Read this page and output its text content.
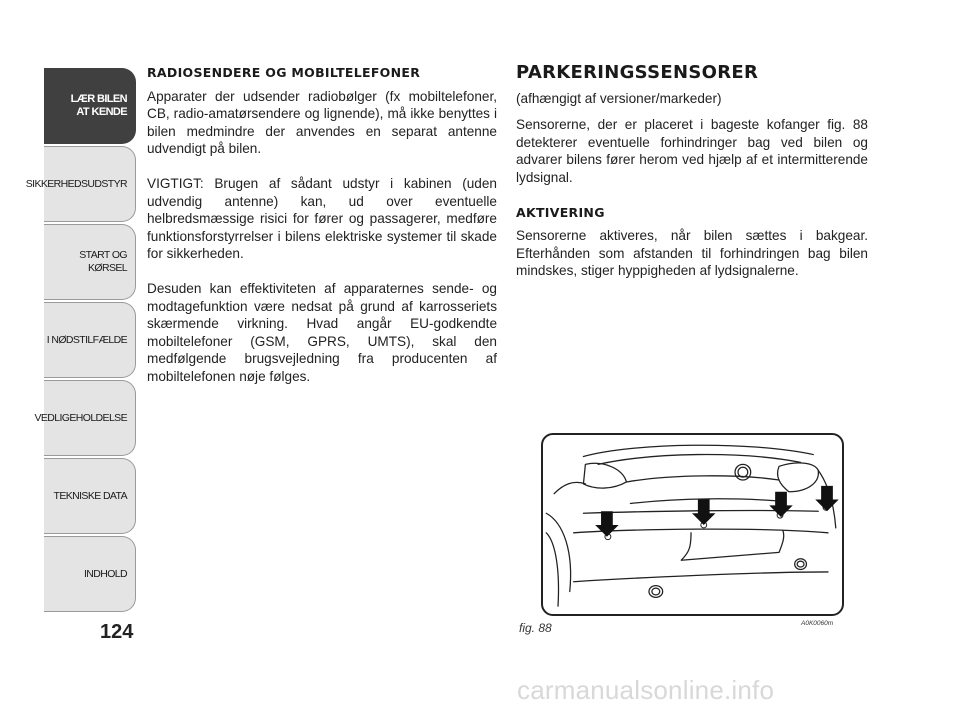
LÆR BILEN AT KENDE
SIKKERHEDSUDSTYR
START OG KØRSEL
I NØDSTILFÆLDE
VEDLIGEHOLDELSE
TEKNISKE DATA
INDHOLD
124
RADIOSENDERE OG MOBILTELEFONER

Apparater der udsender radiobølger (fx mobiltelefoner, CB, radio-amatørsendere og lignende), må ikke benyttes i bilen medmindre der anvendes en separat antenne udvendigt på bilen.

VIGTIGT: Brugen af sådant udstyr i kabinen (uden udvendig antenne) kan, ud over eventuelle helbredsmæssige risici for fører og passagerer, medføre funktionsforstyrrelser i bilens elektriske systemer til skade for sikkerheden.

Desuden kan effektiviteten af apparaternes sende- og modtagefunktion være nedsat på grund af karrosseriets skærmende virkning. Hvad angår EU-godkendte mobiltelefoner (GSM, GPRS, UMTS), skal den medfølgende brugsvejledning fra producenten af mobiltelefonen nøje følges.

PARKERINGSSENSORER

(afhængigt af versioner/markeder)

Sensorerne, der er placeret i bageste kofanger fig. 88 detekterer eventuelle forhindringer bag ved bilen og advarer bilens fører herom ved hjælp af et intermitterende lydsignal.

AKTIVERING

Sensorerne aktiveres, når bilen sættes i bakgear. Efterhånden som afstanden til forhindringen bag bilen mindskes, stiger hyppigheden af lydsignalerne.

fig. 88	A0K0060m
carmanualsonline.info
